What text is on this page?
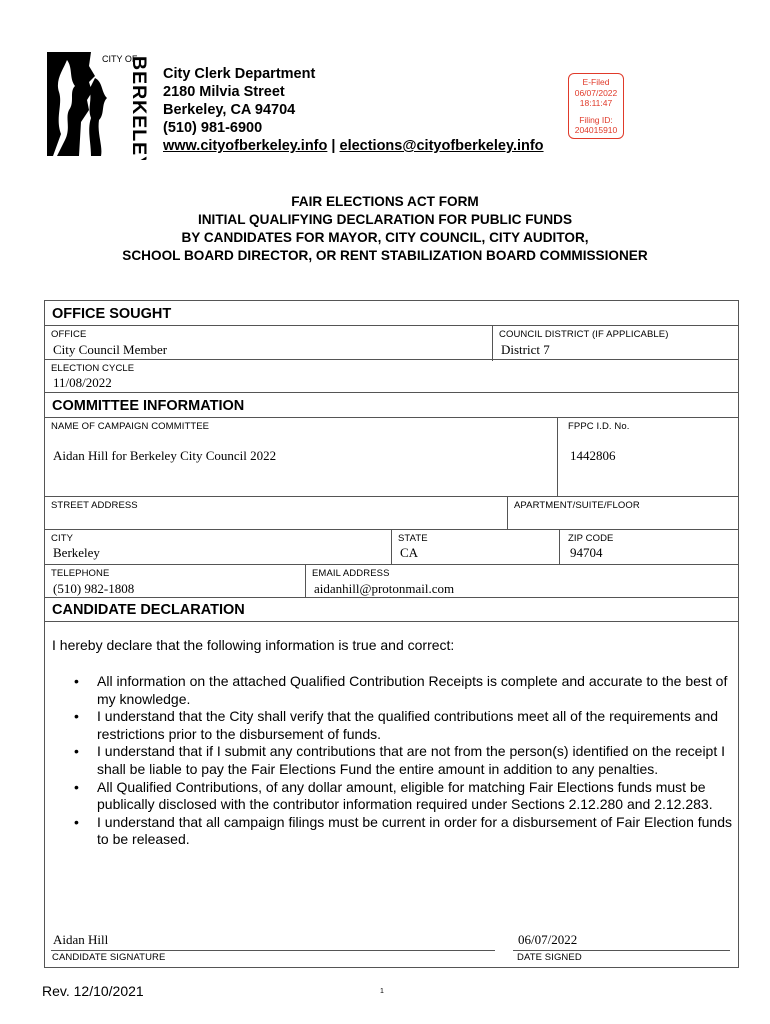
CITY OF
BERKELEY City Clerk Department
2180 Milvia Street
Berkeley, CA 94704
(510) 981-6900
www.cityofberkeley.info | elections@cityofberkeley.info
E-Filed
06/07/2022
18:11:47
Filing ID:
204015910
FAIR ELECTIONS ACT FORM
INITIAL QUALIFYING DECLARATION FOR PUBLIC FUNDS
BY CANDIDATES FOR MAYOR, CITY COUNCIL, CITY AUDITOR,
SCHOOL BOARD DIRECTOR, OR RENT STABILIZATION BOARD COMMISSIONER
OFFICE SOUGHT
OFFICE
City Council Member
COUNCIL DISTRICT (IF APPLICABLE)
District 7
ELECTION CYCLE
11/08/2022
COMMITTEE INFORMATION
NAME OF CAMPAIGN COMMITTEE
Aidan Hill for Berkeley City Council 2022
FPPC I.D. No.
1442806
STREET ADDRESS	APARTMENT/SUITE/FLOOR
CITY
Berkeley
STATE
CA
ZIP CODE
94704
TELEPHONE
(510) 982-1808
EMAIL ADDRESS
aidanhill@protonmail.com
CANDIDATE DECLARATION
Aidan Hill
CANDIDATE SIGNATURE
06/07/2022
DATE SIGNED
I hereby declare that the following information is true and correct:
• All information on the attached Qualified Contribution Receipts is complete and accurate to the best of my knowledge.
• I understand that the City shall verify that the qualified contributions meet all of the requirements and restrictions prior to the disbursement of funds.
• I understand that if I submit any contributions that are not from the person(s) identified on the receipt I shall be liable to pay the Fair Elections Fund the entire amount in addition to any penalties.
• All Qualified Contributions, of any dollar amount, eligible for matching Fair Elections funds must be publically disclosed with the contributor information required under Sections 2.12.280 and 2.12.283.
• I understand that all campaign filings must be current in order for a disbursement of Fair Election funds to be released.
Rev. 12/10/2021	1
